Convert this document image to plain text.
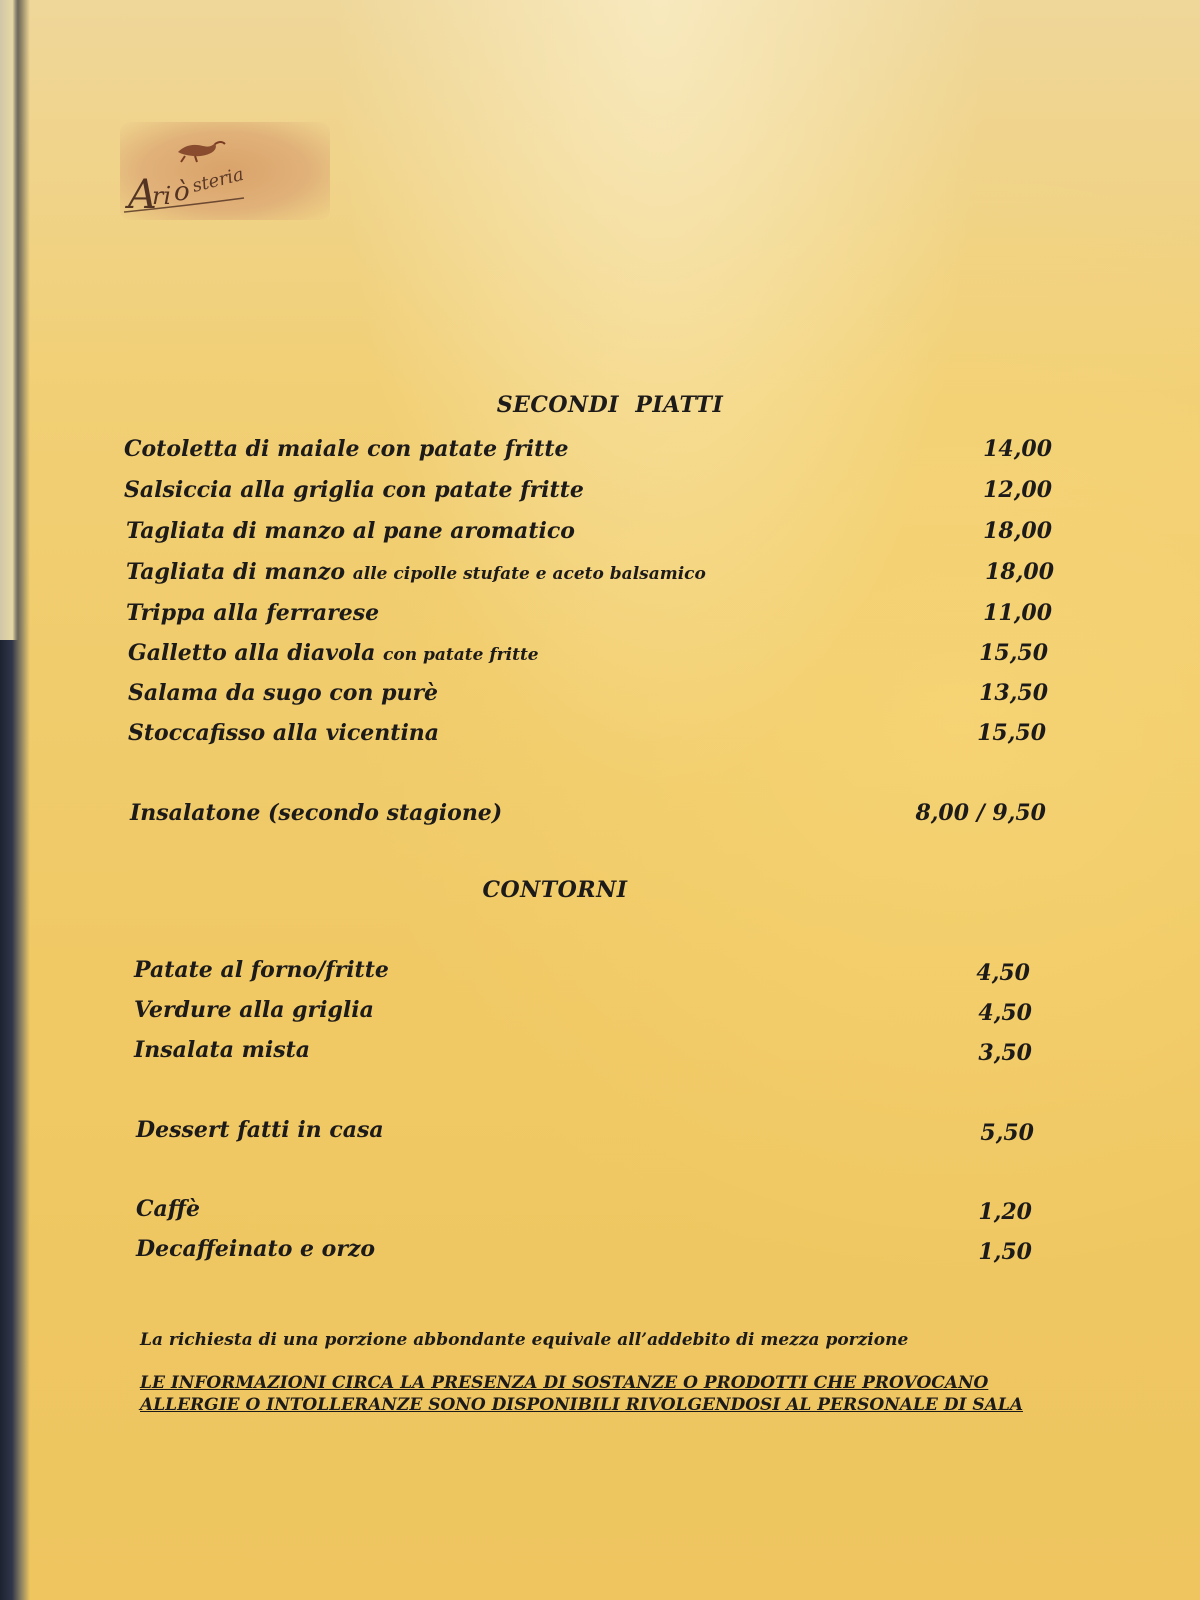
A
ri ò steria
SECONDI  PIATTI
Cotoletta di maiale con patate fritte	14,00
Salsiccia alla griglia con patate fritte	12,00
Tagliata di manzo al pane aromatico	18,00
Tagliata di manzo alle cipolle stufate e aceto balsamico	18,00
Trippa alla ferrarese	11,00
Galletto alla diavola con patate fritte	15,50
Salama da sugo con purè	13,50
Stoccafisso alla vicentina	15,50
Insalatone (secondo stagione)	8,00 / 9,50
CONTORNI
Patate al forno/fritte	4,50
Verdure alla griglia	4,50
Insalata mista	3,50
Dessert fatti in casa	5,50
Caffè	1,20
Decaffeinato e orzo	1,50
La richiesta di una porzione abbondante equivale all’addebito di mezza porzione
LE INFORMAZIONI CIRCA LA PRESENZA DI SOSTANZE O PRODOTTI CHE PROVOCANO ALLERGIE O INTOLLERANZE SONO DISPONIBILI RIVOLGENDOSI AL PERSONALE DI SALA
